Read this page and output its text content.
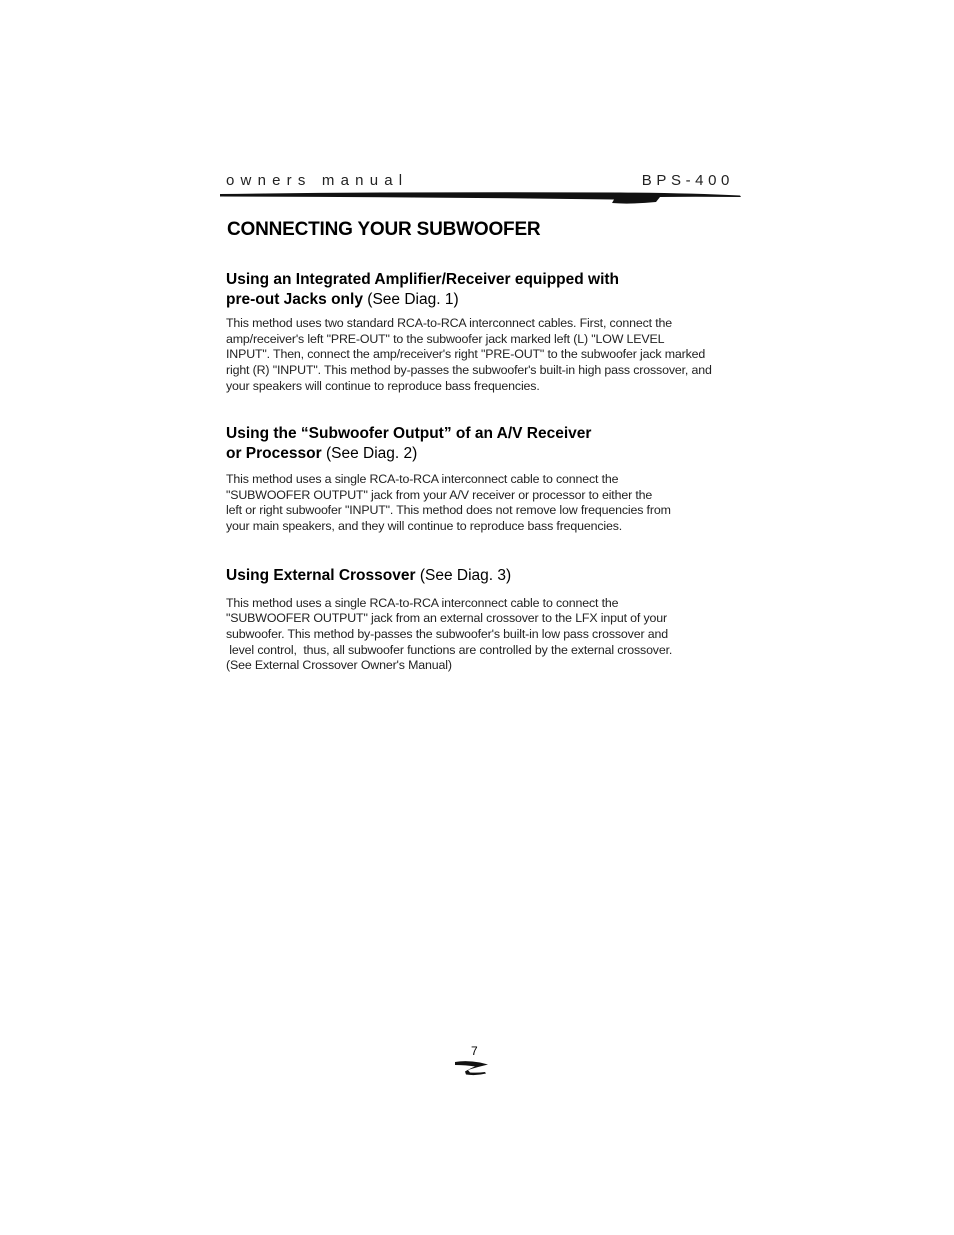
owners manual	BPS-400
CONNECTING YOUR SUBWOOFER

Using an Integrated Amplifier/Receiver equipped with
pre-out Jacks only (See Diag. 1)

This method uses two standard RCA-to-RCA interconnect cables. First, connect the
amp/receiver's left "PRE-OUT" to the subwoofer jack marked left (L) "LOW LEVEL
INPUT". Then, connect the amp/receiver's right "PRE-OUT" to the subwoofer jack marked
right (R) "INPUT". This method by-passes the subwoofer's built-in high pass crossover, and
your speakers will continue to reproduce bass frequencies.

Using the “Subwoofer Output” of an A/V Receiver
or Processor (See Diag. 2)

This method uses a single RCA-to-RCA interconnect cable to connect the
"SUBWOOFER OUTPUT" jack from your A/V receiver or processor to either the
left or right subwoofer "INPUT". This method does not remove low frequencies from
your main speakers, and they will continue to reproduce bass frequencies.

Using External Crossover (See Diag. 3)

This method uses a single RCA-to-RCA interconnect cable to connect the
"SUBWOOFER OUTPUT" jack from an external crossover to the LFX input of your
subwoofer. This method by-passes the subwoofer's built-in low pass crossover and
level control,  thus, all subwoofer functions are controlled by the external crossover.
(See External Crossover Owner's Manual)

7
